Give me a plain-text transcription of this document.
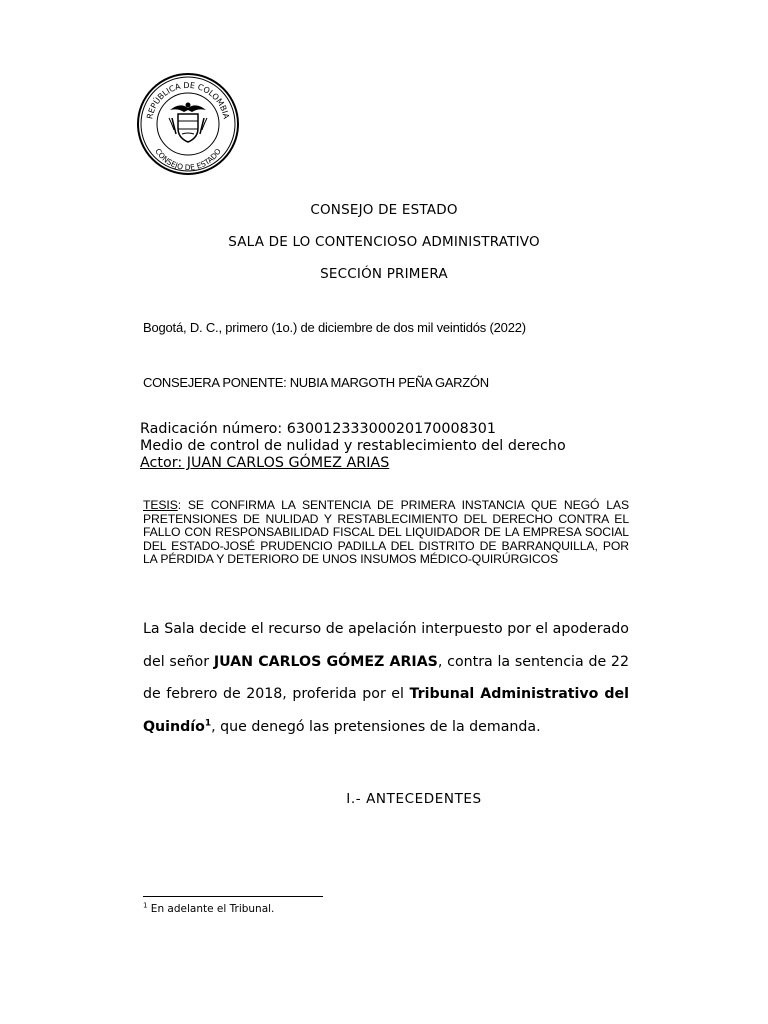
REPÚBLICA DE COLOMBIA
CONSEJO DE ESTADO
CONSEJO DE ESTADO
SALA DE LO CONTENCIOSO ADMINISTRATIVO
SECCIÓN PRIMERA
Bogotá, D. C., primero (1o.) de diciembre de dos mil veintidós (2022)
CONSEJERA PONENTE: NUBIA MARGOTH PEÑA GARZÓN
Radicación número: 63001233300020170008301
Medio de control de nulidad y restablecimiento del derecho
Actor: JUAN CARLOS GÓMEZ ARIAS
TESIS: SE CONFIRMA LA SENTENCIA DE PRIMERA INSTANCIA QUE NEGÓ LAS PRETENSIONES DE NULIDAD Y RESTABLECIMIENTO DEL DERECHO CONTRA EL FALLO CON RESPONSABILIDAD FISCAL DEL LIQUIDADOR DE LA EMPRESA SOCIAL DEL ESTADO-JOSÉ PRUDENCIO PADILLA DEL DISTRITO DE BARRANQUILLA, POR LA PÉRDIDA Y DETERIORO DE UNOS INSUMOS MÉDICO-QUIRÚRGICOS
La Sala decide el recurso de apelación interpuesto por el apoderado del señor JUAN CARLOS GÓMEZ ARIAS, contra la sentencia de 22 de febrero de 2018, proferida por el Tribunal Administrativo del Quindío$^1$, que denegó las pretensiones de la demanda.
I.- ANTECEDENTES
$^1$ En adelante el Tribunal.
